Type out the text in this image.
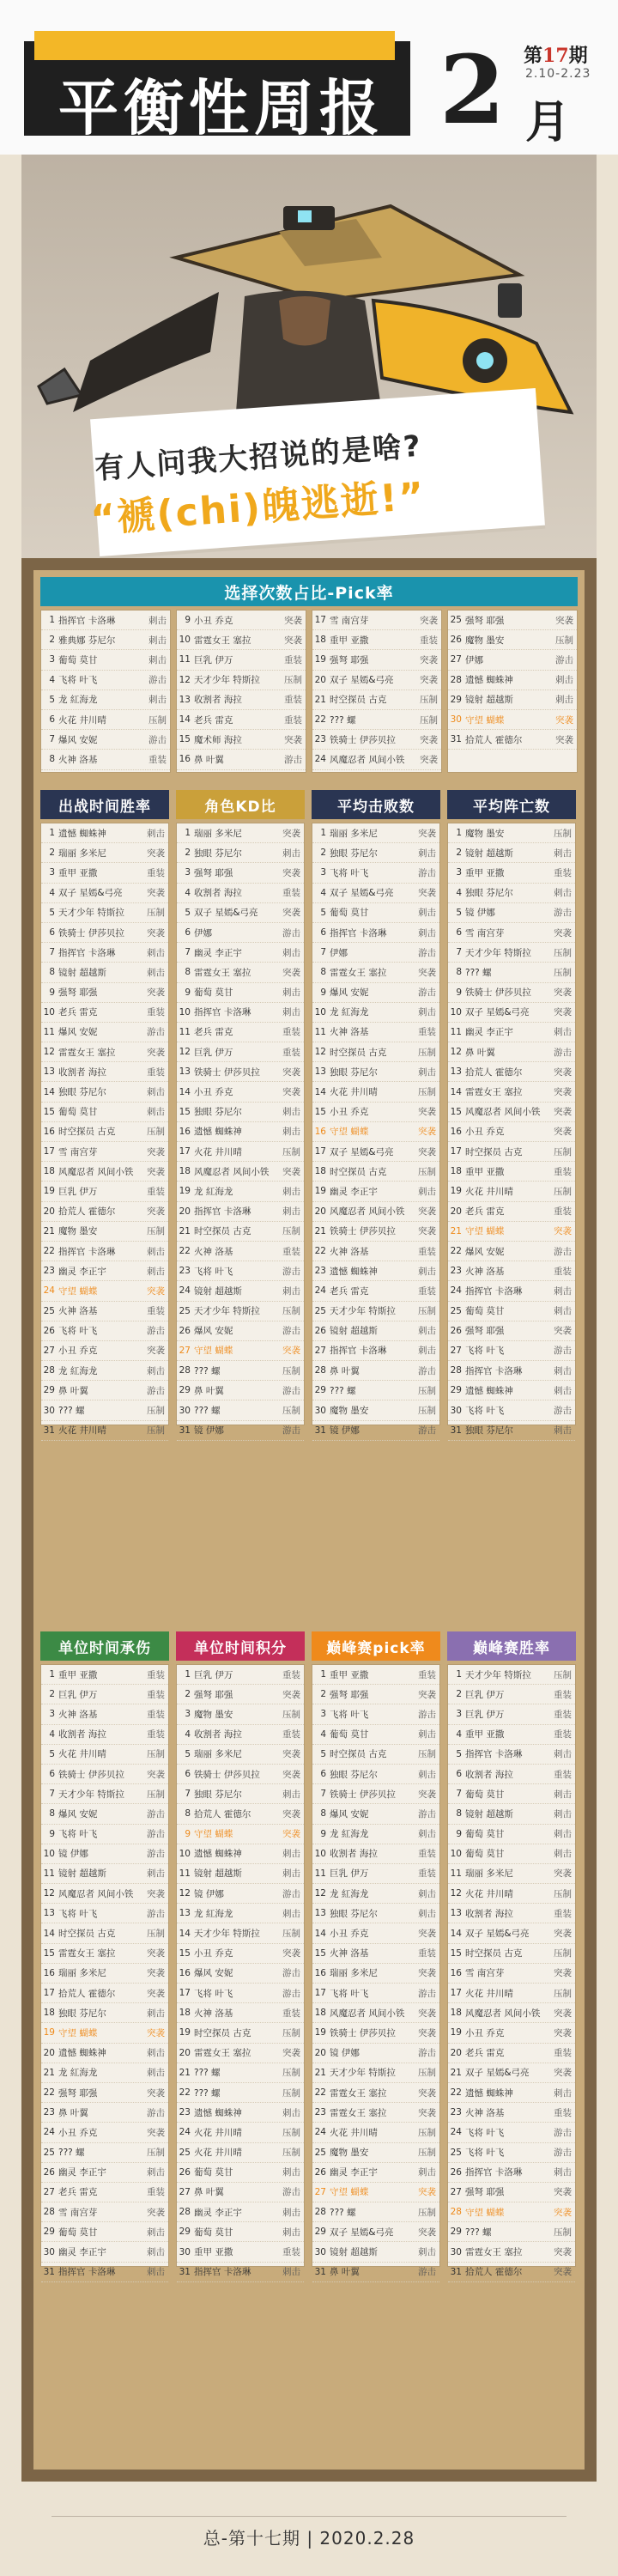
平衡性周报 2 第17期
2.10-2.23
月
有人问我大招说的是啥?
“褫(chi)魄逃逝!”
选择次数占比-Pick率
1 指挥官 卡洛琳	刺击
2 雅典娜 芬尼尔	刺击
3 葡萄 莫甘	刺击
4 飞将 叶飞	游击
5 龙 紅海龙	刺击
6 火花 井川晴	压制
7 爆风 安妮	游击
8 火神 洛基	重装
9 小丑 乔克	突袭
10 雷霆女王 塞拉	突袭
11 巨乳 伊万	重装
12 天才少年 特斯拉	压制
13 收割者 海拉	重装
14 老兵 雷克	重装
15 魔术师 海拉	突袭
16 鼻 叶翼	游击
17 雪 南宫芽	突袭
18 重甲 亚撒	重装
19 强弩 耶强	突袭
20 双子 星嫣&弓亮	突袭
21 时空探员 古克	压制
22 ??? 螺	压制
23 铁骑士 伊莎贝拉	突袭
24 风魔忍者 风间小铁	突袭
25 强弩 耶强	突袭
26 魔物 墨安	压制
27 伊娜	游击
28 遗憾 蜘蛛神	刺击
29 镜射 超越斯	刺击
30 守望 蝴蝶	突袭
31 拾荒人 霍德尔	突袭
出战时间胜率
1 遗憾 蜘蛛神	刺击
2 瑞丽 多米尼	突袭
3 重甲 亚撒	重装
4 双子 星嫣&弓亮	突袭
5 天才少年 特斯拉	压制
6 铁骑士 伊莎贝拉	突袭
7 指挥官 卡洛琳	刺击
8 镜射 超越斯	刺击
9 强弩 耶强	突袭
10 老兵 雷克	重装
11 爆风 安妮	游击
12 雷霆女王 塞拉	突袭
13 收割者 海拉	重装
14 独眼 芬尼尔	刺击
15 葡萄 莫甘	刺击
16 时空探员 古克	压制
17 雪 南宫芽	突袭
18 风魔忍者 风间小铁	突袭
19 巨乳 伊万	重装
20 拾荒人 霍德尔	突袭
21 魔物 墨安	压制
22 指挥官 卡洛琳	刺击
23 幽灵 李正宇	刺击
24 守望 蝴蝶	突袭
25 火神 洛基	重装
26 飞将 叶飞	游击
27 小丑 乔克	突袭
28 龙 紅海龙	刺击
29 鼻 叶翼	游击
30 ??? 螺	压制
31 火花 井川晴	压制
角色KD比
1 瑞丽 多米尼	突袭
2 独眼 芬尼尔	刺击
3 强弩 耶强	突袭
4 收割者 海拉	重装
5 双子 星嫣&弓亮	突袭
6 伊娜	游击
7 幽灵 李正宇	刺击
8 雷霆女王 塞拉	突袭
9 葡萄 莫甘	刺击
10 指挥官 卡洛琳	刺击
11 老兵 雷克	重装
12 巨乳 伊万	重装
13 铁骑士 伊莎贝拉	突袭
14 小丑 乔克	突袭
15 独眼 芬尼尔	刺击
16 遗憾 蜘蛛神	刺击
17 火花 井川晴	压制
18 风魔忍者 风间小铁	突袭
19 龙 紅海龙	刺击
20 指挥官 卡洛琳	刺击
21 时空探员 古克	压制
22 火神 洛基	重装
23 飞将 叶飞	游击
24 镜射 超越斯	刺击
25 天才少年 特斯拉	压制
26 爆风 安妮	游击
27 守望 蝴蝶	突袭
28 ??? 螺	压制
29 鼻 叶翼	游击
30 ??? 螺	压制
31 镜 伊娜	游击
平均击败数
1 瑞丽 多米尼	突袭
2 独眼 芬尼尔	刺击
3 飞将 叶飞	游击
4 双子 星嫣&弓亮	突袭
5 葡萄 莫甘	刺击
6 指挥官 卡洛琳	刺击
7 伊娜	游击
8 雷霆女王 塞拉	突袭
9 爆风 安妮	游击
10 龙 紅海龙	刺击
11 火神 洛基	重装
12 时空探员 古克	压制
13 独眼 芬尼尔	刺击
14 火花 井川晴	压制
15 小丑 乔克	突袭
16 守望 蝴蝶	突袭
17 双子 星嫣&弓亮	突袭
18 时空探员 古克	压制
19 幽灵 李正宇	刺击
20 风魔忍者 风间小铁	突袭
21 铁骑士 伊莎贝拉	突袭
22 火神 洛基	重装
23 遗憾 蜘蛛神	刺击
24 老兵 雷克	重装
25 天才少年 特斯拉	压制
26 镜射 超越斯	刺击
27 指挥官 卡洛琳	刺击
28 鼻 叶翼	游击
29 ??? 螺	压制
30 魔物 墨安	压制
31 镜 伊娜	游击
平均阵亡数
1 魔物 墨安	压制
2 镜射 超越斯	刺击
3 重甲 亚撒	重装
4 独眼 芬尼尔	刺击
5 镜 伊娜	游击
6 雪 南宫芽	突袭
7 天才少年 特斯拉	压制
8 ??? 螺	压制
9 铁骑士 伊莎贝拉	突袭
10 双子 星嫣&弓亮	突袭
11 幽灵 李正宇	刺击
12 鼻 叶翼	游击
13 拾荒人 霍德尔	突袭
14 雷霆女王 塞拉	突袭
15 风魔忍者 风间小铁	突袭
16 小丑 乔克	突袭
17 时空探员 古克	压制
18 重甲 亚撒	重装
19 火花 井川晴	压制
20 老兵 雷克	重装
21 守望 蝴蝶	突袭
22 爆风 安妮	游击
23 火神 洛基	重装
24 指挥官 卡洛琳	刺击
25 葡萄 莫甘	刺击
26 强弩 耶强	突袭
27 飞将 叶飞	游击
28 指挥官 卡洛琳	刺击
29 遗憾 蜘蛛神	刺击
30 飞将 叶飞	游击
31 独眼 芬尼尔	刺击
单位时间承伤
1 重甲 亚撒	重装
2 巨乳 伊万	重装
3 火神 洛基	重装
4 收割者 海拉	重装
5 火花 井川晴	压制
6 铁骑士 伊莎贝拉	突袭
7 天才少年 特斯拉	压制
8 爆风 安妮	游击
9 飞将 叶飞	游击
10 镜 伊娜	游击
11 镜射 超越斯	刺击
12 风魔忍者 风间小铁	突袭
13 飞将 叶飞	游击
14 时空探员 古克	压制
15 雷霆女王 塞拉	突袭
16 瑞丽 多米尼	突袭
17 拾荒人 霍德尔	突袭
18 独眼 芬尼尔	刺击
19 守望 蝴蝶	突袭
20 遗憾 蜘蛛神	刺击
21 龙 紅海龙	刺击
22 强弩 耶强	突袭
23 鼻 叶翼	游击
24 小丑 乔克	突袭
25 ??? 螺	压制
26 幽灵 李正宇	刺击
27 老兵 雷克	重装
28 雪 南宫芽	突袭
29 葡萄 莫甘	刺击
30 幽灵 李正宇	刺击
31 指挥官 卡洛琳	刺击
单位时间积分
1 巨乳 伊万	重装
2 强弩 耶强	突袭
3 魔物 墨安	压制
4 收割者 海拉	重装
5 瑞丽 多米尼	突袭
6 铁骑士 伊莎贝拉	突袭
7 独眼 芬尼尔	刺击
8 拾荒人 霍德尔	突袭
9 守望 蝴蝶	突袭
10 遗憾 蜘蛛神	刺击
11 镜射 超越斯	刺击
12 镜 伊娜	游击
13 龙 紅海龙	刺击
14 天才少年 特斯拉	压制
15 小丑 乔克	突袭
16 爆风 安妮	游击
17 飞将 叶飞	游击
18 火神 洛基	重装
19 时空探员 古克	压制
20 雷霆女王 塞拉	突袭
21 ??? 螺	压制
22 ??? 螺	压制
23 遗憾 蜘蛛神	刺击
24 火花 井川晴	压制
25 火花 井川晴	压制
26 葡萄 莫甘	刺击
27 鼻 叶翼	游击
28 幽灵 李正宇	刺击
29 葡萄 莫甘	刺击
30 重甲 亚撒	重装
31 指挥官 卡洛琳	刺击
巅峰赛pick率
1 重甲 亚撒	重装
2 强弩 耶强	突袭
3 飞将 叶飞	游击
4 葡萄 莫甘	刺击
5 时空探员 古克	压制
6 独眼 芬尼尔	刺击
7 铁骑士 伊莎贝拉	突袭
8 爆风 安妮	游击
9 龙 紅海龙	刺击
10 收割者 海拉	重装
11 巨乳 伊万	重装
12 龙 紅海龙	刺击
13 独眼 芬尼尔	刺击
14 小丑 乔克	突袭
15 火神 洛基	重装
16 瑞丽 多米尼	突袭
17 飞将 叶飞	游击
18 风魔忍者 风间小铁	突袭
19 铁骑士 伊莎贝拉	突袭
20 镜 伊娜	游击
21 天才少年 特斯拉	压制
22 雷霆女王 塞拉	突袭
23 雷霆女王 塞拉	突袭
24 火花 井川晴	压制
25 魔物 墨安	压制
26 幽灵 李正宇	刺击
27 守望 蝴蝶	突袭
28 ??? 螺	压制
29 双子 星嫣&弓亮	突袭
30 镜射 超越斯	刺击
31 鼻 叶翼	游击
巅峰赛胜率
1 天才少年 特斯拉	压制
2 巨乳 伊万	重装
3 巨乳 伊万	重装
4 重甲 亚撒	重装
5 指挥官 卡洛琳	刺击
6 收割者 海拉	重装
7 葡萄 莫甘	刺击
8 镜射 超越斯	刺击
9 葡萄 莫甘	刺击
10 葡萄 莫甘	刺击
11 瑞丽 多米尼	突袭
12 火花 井川晴	压制
13 收割者 海拉	重装
14 双子 星嫣&弓亮	突袭
15 时空探员 古克	压制
16 雪 南宫芽	突袭
17 火花 井川晴	压制
18 风魔忍者 风间小铁	突袭
19 小丑 乔克	突袭
20 老兵 雷克	重装
21 双子 星嫣&弓亮	突袭
22 遗憾 蜘蛛神	刺击
23 火神 洛基	重装
24 飞将 叶飞	游击
25 飞将 叶飞	游击
26 指挥官 卡洛琳	刺击
27 强弩 耶强	突袭
28 守望 蝴蝶	突袭
29 ??? 螺	压制
30 雷霆女王 塞拉	突袭
31 拾荒人 霍德尔	突袭
总-第十七期 | 2020.2.28
